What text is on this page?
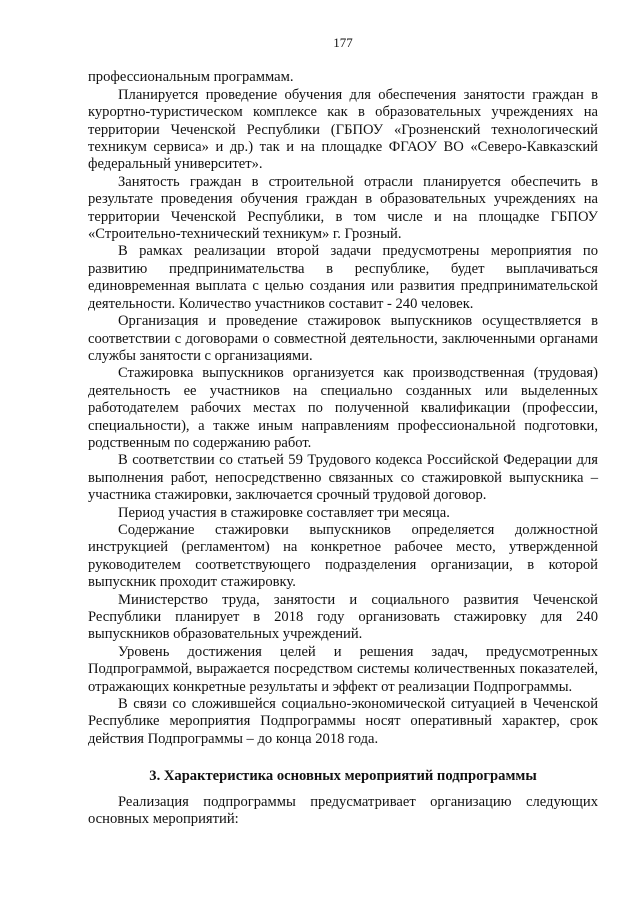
177

профессиональным программам.

Планируется проведение обучения для обеспечения занятости граждан в курортно-туристическом комплексе как в образовательных учреждениях на территории Чеченской Республики (ГБПОУ «Грозненский технологический техникум сервиса» и др.) так и на площадке ФГАОУ ВО «Северо-Кавказский федеральный университет».

Занятость граждан в строительной отрасли планируется обеспечить в результате проведения обучения граждан в образовательных учреждениях на территории Чеченской Республики, в том числе и на площадке ГБПОУ «Строительно-технический техникум» г. Грозный.

В рамках реализации второй задачи предусмотрены мероприятия по развитию предпринимательства в республике, будет выплачиваться единовременная выплата с целью создания или развития предпринимательской деятельности. Количество участников составит - 240 человек.

Организация и проведение стажировок выпускников осуществляется в соответствии с договорами о совместной деятельности, заключенными органами службы занятости с организациями.

Стажировка выпускников организуется как производственная (трудовая) деятельность ее участников на специально созданных или выделенных работодателем рабочих местах по полученной квалификации (профессии, специальности), а также иным направлениям профессиональной подготовки, родственным по содержанию работ.

В соответствии со статьей 59 Трудового кодекса Российской Федерации для выполнения работ, непосредственно связанных со стажировкой выпускника – участника стажировки, заключается срочный трудовой договор.

Период участия в стажировке составляет три месяца.

Содержание стажировки выпускников определяется должностной инструкцией (регламентом) на конкретное рабочее место, утвержденной руководителем соответствующего подразделения организации, в которой выпускник проходит стажировку.

Министерство труда, занятости и социального развития Чеченской Республики планирует в 2018 году организовать стажировку для 240 выпускников образовательных учреждений.

Уровень достижения целей и решения задач, предусмотренных Подпрограммой, выражается посредством системы количественных показателей, отражающих конкретные результаты и эффект от реализации Подпрограммы.

В связи со сложившейся социально-экономической ситуацией в Чеченской Республике мероприятия Подпрограммы носят оперативный характер, срок действия Подпрограммы – до конца 2018 года.

3. Характеристика основных мероприятий подпрограммы

Реализация подпрограммы предусматривает организацию следующих основных мероприятий:
